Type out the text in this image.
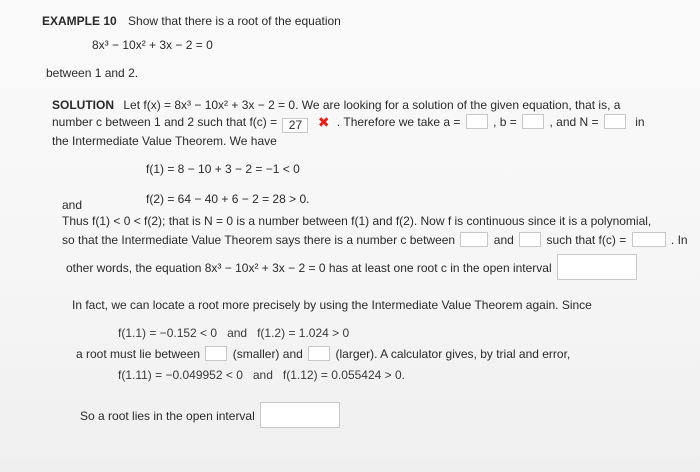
EXAMPLE 10 Show that there is a root of the equation
8x³ − 10x² + 3x − 2 = 0
between 1 and 2.
SOLUTION Let f(x) = 8x³ − 10x² + 3x − 2 = 0. We are looking for a solution of the given equation, that is, a
number c between 1 and 2 such that f(c) = 27 ✖ . Therefore we take a =	, b =	, and N =	in
the Intermediate Value Theorem. We have
f(1) = 8 − 10 + 3 − 2 = −1 < 0
and	f(2) = 64 − 40 + 6 − 2 = 28 > 0.
Thus f(1) < 0 < f(2); that is N = 0 is a number between f(1) and f(2). Now f is continuous since it is a polynomial,
so that the Intermediate Value Theorem says there is a number c between	and	such that f(c) =	. In
other words, the equation 8x³ − 10x² + 3x − 2 = 0 has at least one root c in the open interval
In fact, we can locate a root more precisely by using the Intermediate Value Theorem again. Since
f(1.1) = −0.152 < 0   and   f(1.2) = 1.024 > 0
a root must lie between	(smaller) and	(larger). A calculator gives, by trial and error,
f(1.11) = −0.049952 < 0   and   f(1.12) = 0.055424 > 0.
So a root lies in the open interval
